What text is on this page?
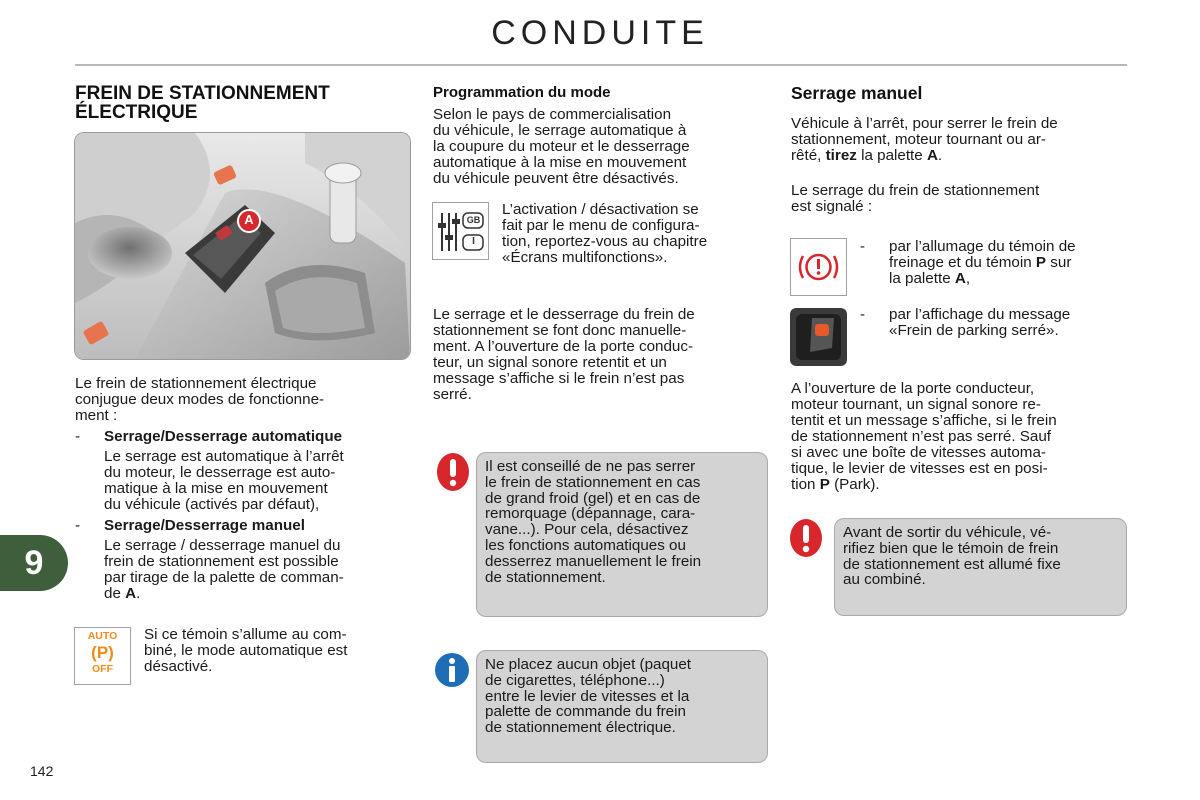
CONDUITE
FREIN DE STATIONNEMENT
ÉLECTRIQUE
A
Le frein de stationnement électrique
conjugue deux modes de fonctionne-
ment :
- Serrage/Desserrage automatique
Le serrage est automatique à l’arrêt
du moteur, le desserrage est auto-
matique à la mise en mouvement
du véhicule (activés par défaut),
- Serrage/Desserrage manuel
Le serrage / desserrage manuel du
frein de stationnement est possible
par tirage de la palette de comman-
de A.
AUTO
(P)
OFF
Si ce témoin s’allume au com-
biné, le mode automatique est
désactivé.
Programmation du mode
Selon le pays de commercialisation
du véhicule, le serrage automatique à
la coupure du moteur et le desserrage
automatique à la mise en mouvement
du véhicule peuvent être désactivés.
GB
I
L’activation / désactivation se
fait par le menu de configura-
tion, reportez-vous au chapitre
«Écrans multifonctions».
Le serrage et le desserrage du frein de
stationnement se font donc manuelle-
ment. A l’ouverture de la porte conduc-
teur, un signal sonore retentit et un
message s’affiche si le frein n’est pas
serré.
Il est conseillé de ne pas serrer
le frein de stationnement en cas
de grand froid (gel) et en cas de
remorquage (dépannage, cara-
vane...). Pour cela, désactivez
les fonctions automatiques ou
desserrez manuellement le frein
de stationnement.
Ne placez aucun objet (paquet
de cigarettes, téléphone...)
entre le levier de vitesses et la
palette de commande du frein
de stationnement électrique.
Serrage manuel
Véhicule à l’arrêt, pour serrer le frein de
stationnement, moteur tournant ou ar-
rêté, tirez la palette A.
Le serrage du frein de stationnement
est signalé :
- par l’allumage du témoin de
freinage et du témoin P sur
la palette A,
- par l’affichage du message
«Frein de parking serré».
A l’ouverture de la porte conducteur,
moteur tournant, un signal sonore re-
tentit et un message s’affiche, si le frein
de stationnement n’est pas serré. Sauf
si avec une boîte de vitesses automa-
tique, le levier de vitesses est en posi-
tion P (Park).
Avant de sortir du véhicule, vé-
rifiez bien que le témoin de frein
de stationnement est allumé fixe
au combiné.
9
142
